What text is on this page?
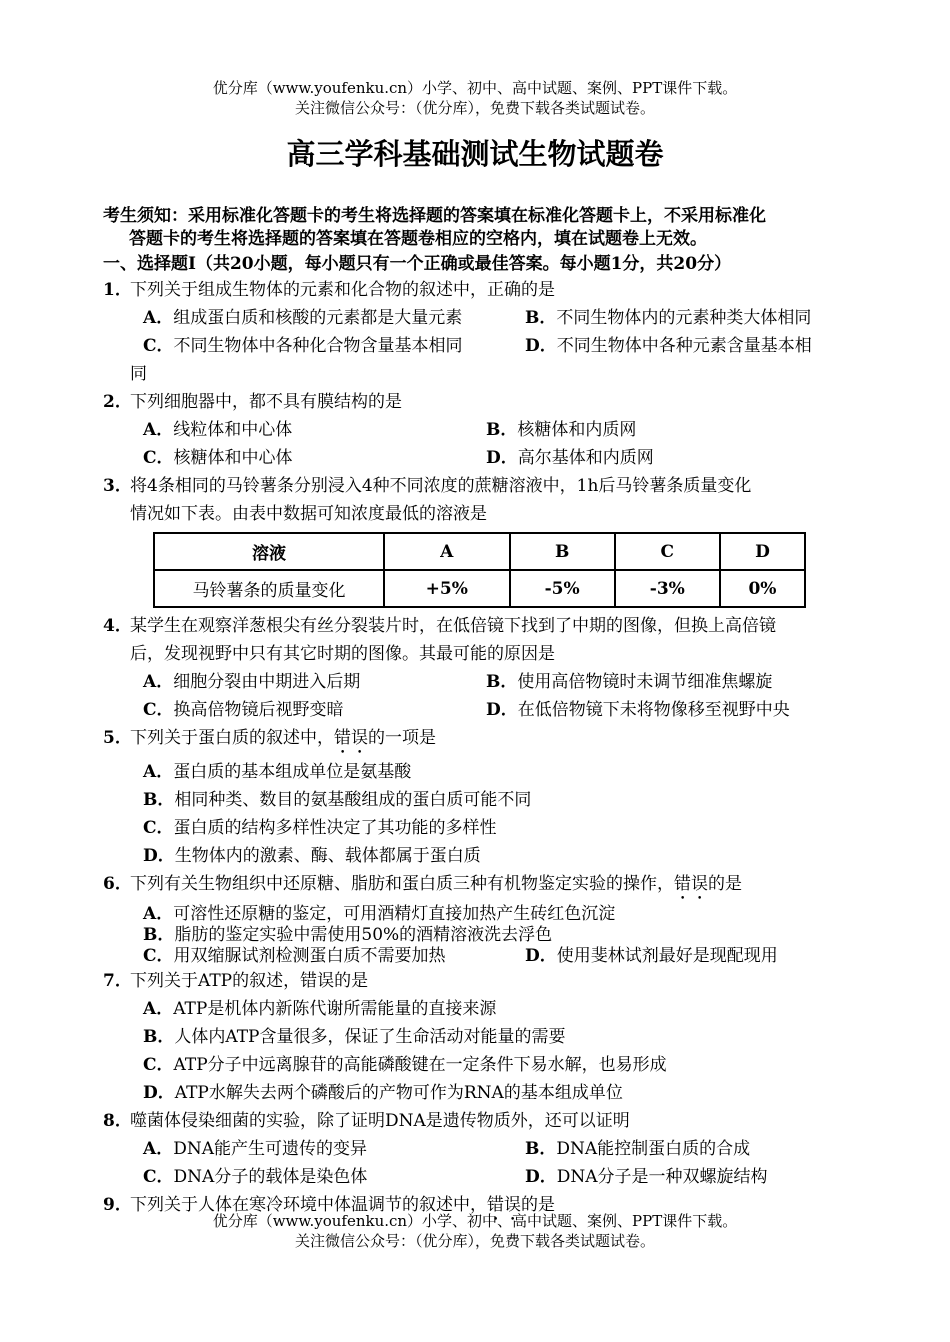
优分库（www.youfenku.cn）小学、初中、高中试题、案例、PPT课件下载。
关注微信公众号：（优分库），免费下载各类试题试卷。
高三学科基础测试生物试题卷
考生须知：采用标准化答题卡的考生将选择题的答案填在标准化答题卡上，不采用标准化
答题卡的考生将选择题的答案填在答题卷相应的空格内，填在试题卷上无效。
一、选择题Ⅰ（共20小题，每小题只有一个正确或最佳答案。每小题1分，共20分）
1．
下列关于组成生物体的元素和化合物的叙述中，正确的是
A．组成蛋白质和核酸的元素都是大量元素	B．不同生物体内的元素种类大体相同
C．不同生物体中各种化合物含量基本相同	D．不同生物体中各种元素含量基本相
同
2．
下列细胞器中，都不具有膜结构的是
A．线粒体和中心体	B．核糖体和内质网
C．核糖体和中心体	D．高尔基体和内质网
3．
将4条相同的马铃薯条分别浸入4种不同浓度的蔗糖溶液中，1h后马铃薯条质量变化
情况如下表。由表中数据可知浓度最低的溶液是
溶液	A	B	C	D
马铃薯条的质量变化	+5%	-5%	-3%	0%
4．
某学生在观察洋葱根尖有丝分裂装片时，在低倍镜下找到了中期的图像，但换上高倍镜
后，发现视野中只有其它时期的图像。其最可能的原因是
A．细胞分裂由中期进入后期	B．使用高倍物镜时未调节细准焦螺旋
C．换高倍物镜后视野变暗	D．在低倍物镜下未将物像移至视野中央
5．
下列关于蛋白质的叙述中，错误的一项是
A． 蛋白质的基本组成单位是氨基酸
B． 相同种类、数目的氨基酸组成的蛋白质可能不同
C． 蛋白质的结构多样性决定了其功能的多样性
D． 生物体内的激素、酶、载体都属于蛋白质
6．
下列有关生物组织中还原糖、脂肪和蛋白质三种有机物鉴定实验的操作，错误的是
A． 可溶性还原糖的鉴定，可用酒精灯直接加热产生砖红色沉淀
B． 脂肪的鉴定实验中需使用50%的酒精溶液洗去浮色
C．用双缩脲试剂检测蛋白质不需要加热	D．使用斐林试剂最好是现配现用
7．
下列关于ATP的叙述，错误的是
A． ATP是机体内新陈代谢所需能量的直接来源
B． 人体内ATP含量很多，保证了生命活动对能量的需要
C． ATP分子中远离腺苷的高能磷酸键在一定条件下易水解，也易形成
D． ATP水解失去两个磷酸后的产物可作为RNA的基本组成单位
8．
噬菌体侵染细菌的实验，除了证明DNA是遗传物质外，还可以证明
A．DNA能产生可遗传的变异	B．DNA能控制蛋白质的合成
C．DNA分子的载体是染色体	D．DNA分子是一种双螺旋结构
9．
下列关于人体在寒冷环境中体温调节的叙述中，错误的是
优分库（www.youfenku.cn）小学、初中、高中试题、案例、PPT课件下载。
关注微信公众号：（优分库），免费下载各类试题试卷。
